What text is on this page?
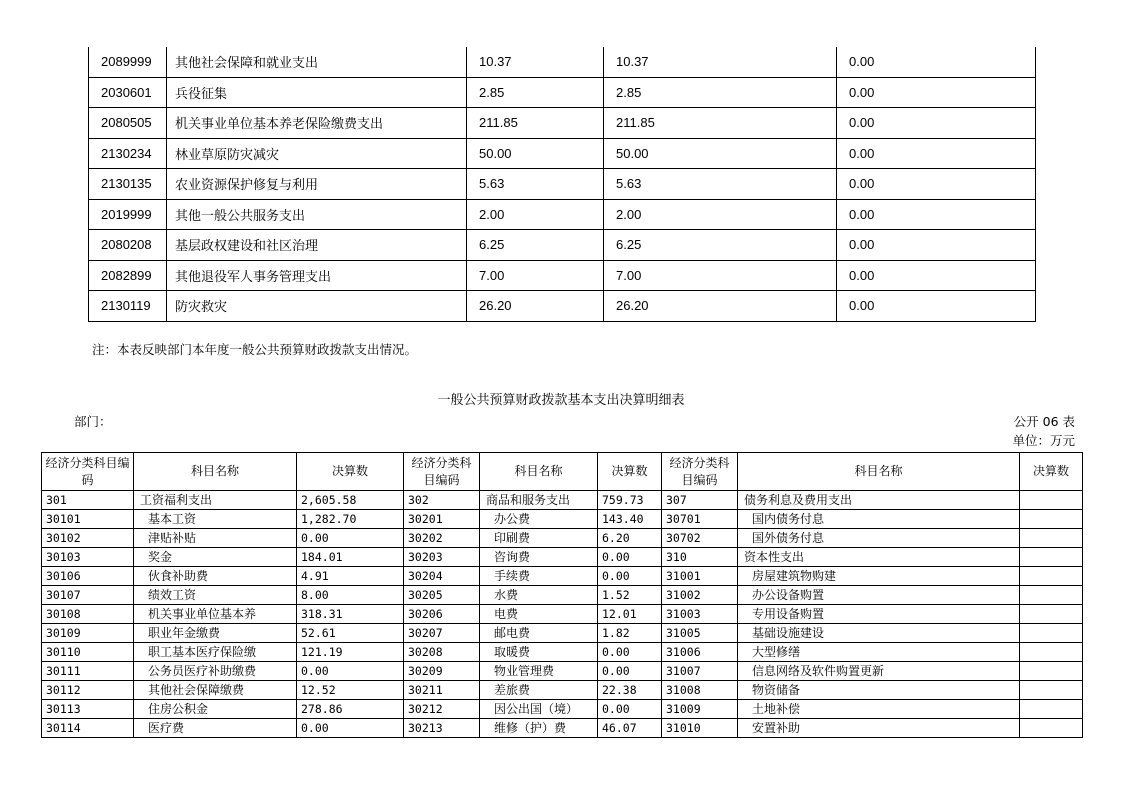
2089999	其他社会保障和就业支出	10.37	10.37	0.00
2030601	兵役征集	2.85	2.85	0.00
2080505	机关事业单位基本养老保险缴费支出	211.85	211.85	0.00
2130234	林业草原防灾减灾	50.00	50.00	0.00
2130135	农业资源保护修复与利用	5.63	5.63	0.00
2019999	其他一般公共服务支出	2.00	2.00	0.00
2080208	基层政权建设和社区治理	6.25	6.25	0.00
2082899	其他退役军人事务管理支出	7.00	7.00	0.00
2130119	防灾救灾	26.20	26.20	0.00
注：本表反映部门本年度一般公共预算财政拨款支出情况。
一般公共预算财政拨款基本支出决算明细表
部门：	公开 06 表
单位：万元
经济分类科目编码	科目名称	决算数	经济分类科目编码	科目名称	决算数	经济分类科目编码	科目名称	决算数
301	工资福利支出	2,605.58	302	商品和服务支出	759.73	307	债务利息及费用支出	
30101	基本工资	1,282.70	30201	办公费	143.40	30701	国内债务付息	
30102	津贴补贴	0.00	30202	印刷费	6.20	30702	国外债务付息	
30103	奖金	184.01	30203	咨询费	0.00	310	资本性支出	
30106	伙食补助费	4.91	30204	手续费	0.00	31001	房屋建筑物购建	
30107	绩效工资	8.00	30205	水费	1.52	31002	办公设备购置	
30108	机关事业单位基本养	318.31	30206	电费	12.01	31003	专用设备购置	
30109	职业年金缴费	52.61	30207	邮电费	1.82	31005	基础设施建设	
30110	职工基本医疗保险缴	121.19	30208	取暖费	0.00	31006	大型修缮	
30111	公务员医疗补助缴费	0.00	30209	物业管理费	0.00	31007	信息网络及软件购置更新	
30112	其他社会保障缴费	12.52	30211	差旅费	22.38	31008	物资储备	
30113	住房公积金	278.86	30212	因公出国（境）	0.00	31009	土地补偿	
30114	医疗费	0.00	30213	维修（护）费	46.07	31010	安置补助	
